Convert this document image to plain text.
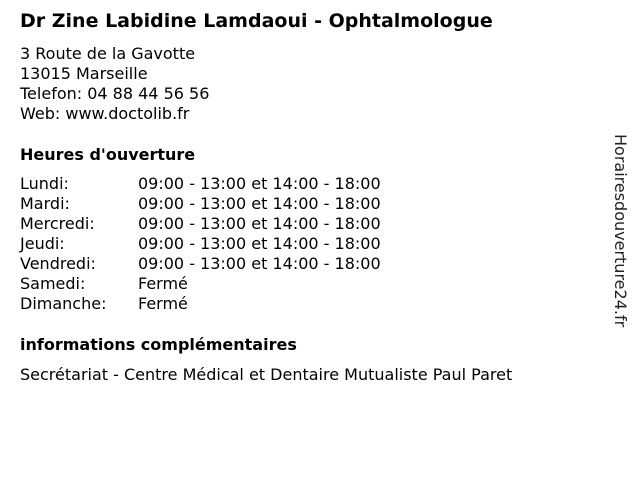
Dr Zine Labidine Lamdaoui - Ophtalmologue
3 Route de la Gavotte
13015 Marseille
Telefon: 04 88 44 56 56
Web: www.doctolib.fr
Heures d'ouverture
Lundi:	09:00 - 13:00 et 14:00 - 18:00
Mardi:	09:00 - 13:00 et 14:00 - 18:00
Mercredi:	09:00 - 13:00 et 14:00 - 18:00
Jeudi:	09:00 - 13:00 et 14:00 - 18:00
Vendredi:	09:00 - 13:00 et 14:00 - 18:00
Samedi:	Fermé
Dimanche:	Fermé
informations complémentaires
Secrétariat - Centre Médical et Dentaire Mutualiste Paul Paret
Horairesdouverture24.fr
